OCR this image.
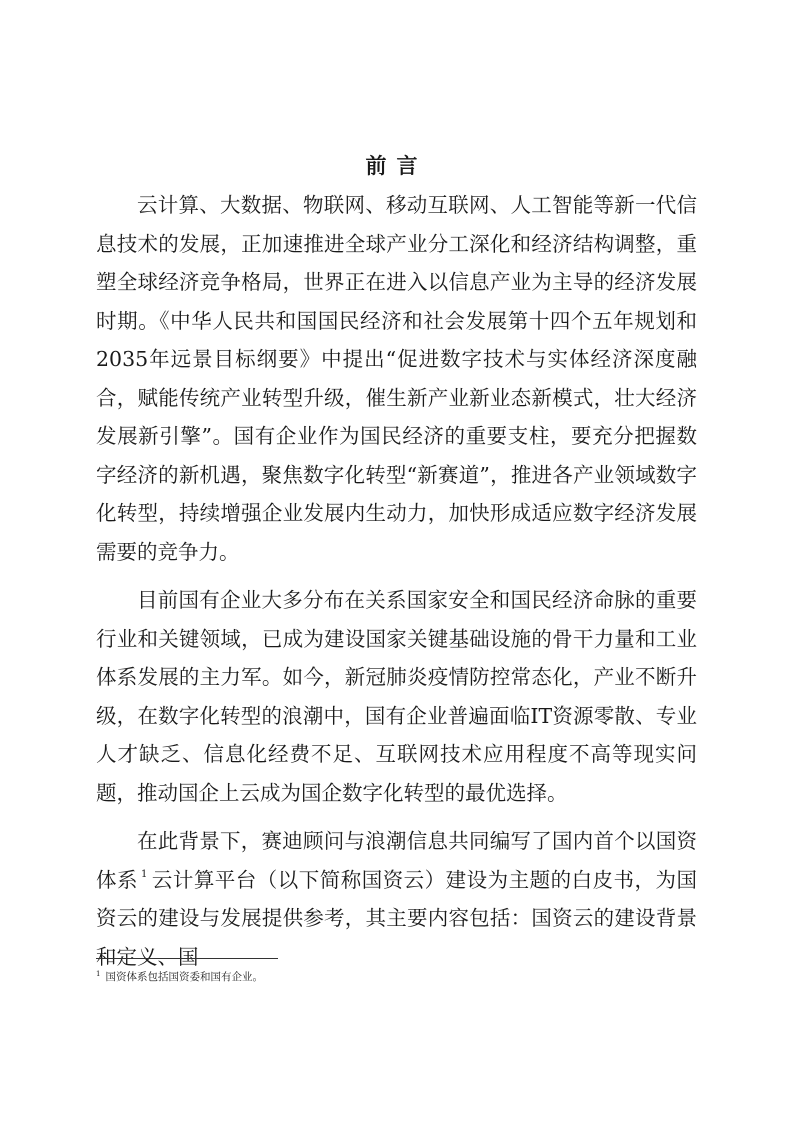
前言

云计算、大数据、物联网、移动互联网、人工智能等新一代信息技术的发展，正加速推进全球产业分工深化和经济结构调整，重塑全球经济竞争格局，世界正在进入以信息产业为主导的经济发展时期。《中华人民共和国国民经济和社会发展第十四个五年规划和2035年远景目标纲要》中提出“促进数字技术与实体经济深度融合，赋能传统产业转型升级，催生新产业新业态新模式，壮大经济发展新引擎”。国有企业作为国民经济的重要支柱，要充分把握数字经济的新机遇，聚焦数字化转型“新赛道”，推进各产业领域数字化转型，持续增强企业发展内生动力，加快形成适应数字经济发展需要的竞争力。

目前国有企业大多分布在关系国家安全和国民经济命脉的重要行业和关键领域，已成为建设国家关键基础设施的骨干力量和工业体系发展的主力军。如今，新冠肺炎疫情防控常态化，产业不断升级，在数字化转型的浪潮中，国有企业普遍面临IT资源零散、专业人才缺乏、信息化经费不足、互联网技术应用程度不高等现实问题，推动国企上云成为国企数字化转型的最优选择。

在此背景下，赛迪顾问与浪潮信息共同编写了国内首个以国资体系 $^1$ 云计算平台（以下简称国资云）建设为主题的白皮书，为国资云的建设与发展提供参考，其主要内容包括：国资云的建设背景和定义、国

$^1$ 国资体系包括国资委和国有企业。
